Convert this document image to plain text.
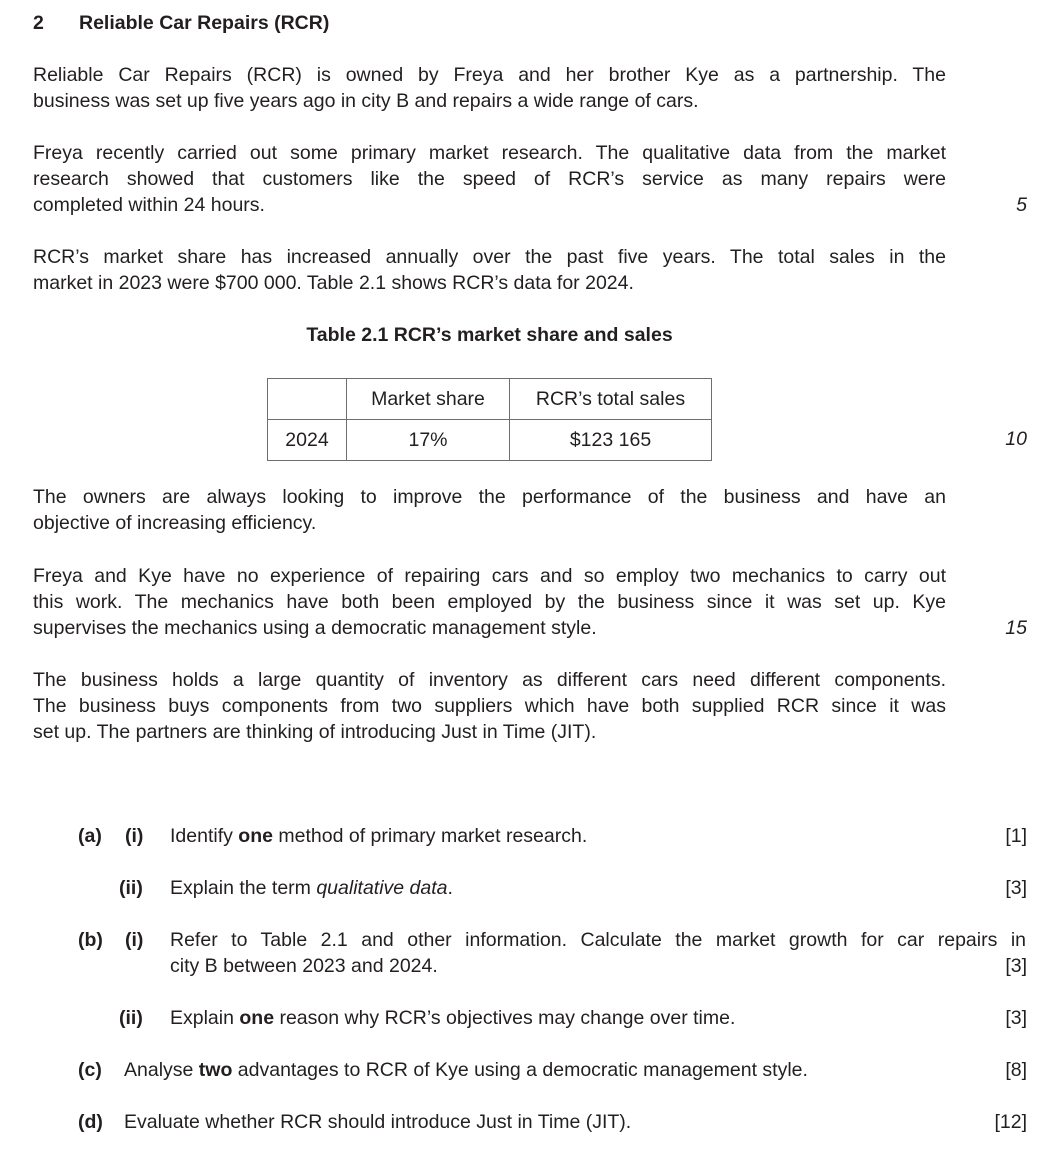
2 Reliable Car Repairs (RCR)
Reliable Car Repairs (RCR) is owned by Freya and her brother Kye as a partnership. The
business was set up five years ago in city B and repairs a wide range of cars.
Freya recently carried out some primary market research. The qualitative data from the market
research showed that customers like the speed of RCR’s service as many repairs were
completed within 24 hours.	5
RCR’s market share has increased annually over the past five years. The total sales in the
market in 2023 were $700 000. Table 2.1 shows RCR’s data for 2024.
Table 2.1 RCR’s market share and sales
	Market share	RCR’s total sales
2024	17%	$123 165	10
The owners are always looking to improve the performance of the business and have an
objective of increasing efficiency.
Freya and Kye have no experience of repairing cars and so employ two mechanics to carry out
this work. The mechanics have both been employed by the business since it was set up. Kye
supervises the mechanics using a democratic management style.	15
The business holds a large quantity of inventory as different cars need different components.
The business buys components from two suppliers which have both supplied RCR since it was
set up. The partners are thinking of introducing Just in Time (JIT).
(a) (i) Identify one method of primary market research.	[1]
(ii) Explain the term qualitative data.	[3]
(b) (i) Refer to Table 2.1 and other information. Calculate the market growth for car repairs in
city B between 2023 and 2024.	[3]
(ii) Explain one reason why RCR’s objectives may change over time.	[3]
(c) Analyse two advantages to RCR of Kye using a democratic management style.	[8]
(d) Evaluate whether RCR should introduce Just in Time (JIT).	[12]
